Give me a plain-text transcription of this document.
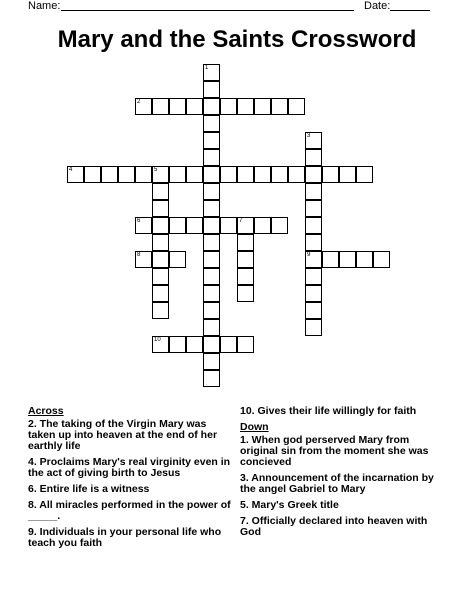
Name:	Date:
Mary and the Saints Crossword
1
2
3
9
4	5
6	7
8
10
Across
2. The taking of the Virgin Mary was taken up into heaven at the end of her earthly life
4. Proclaims Mary's real virginity even in the act of giving birth to Jesus
6. Entire life is a witness
8. All miracles performed in the power of _____.
9. Individuals in your personal life who teach you faith
10. Gives their life willingly for faith
Down
1. When god perserved Mary from original sin from the moment she was concieved
3. Announcement of the incarnation by the angel Gabriel to Mary
5. Mary's Greek title
7. Officially declared into heaven with God
